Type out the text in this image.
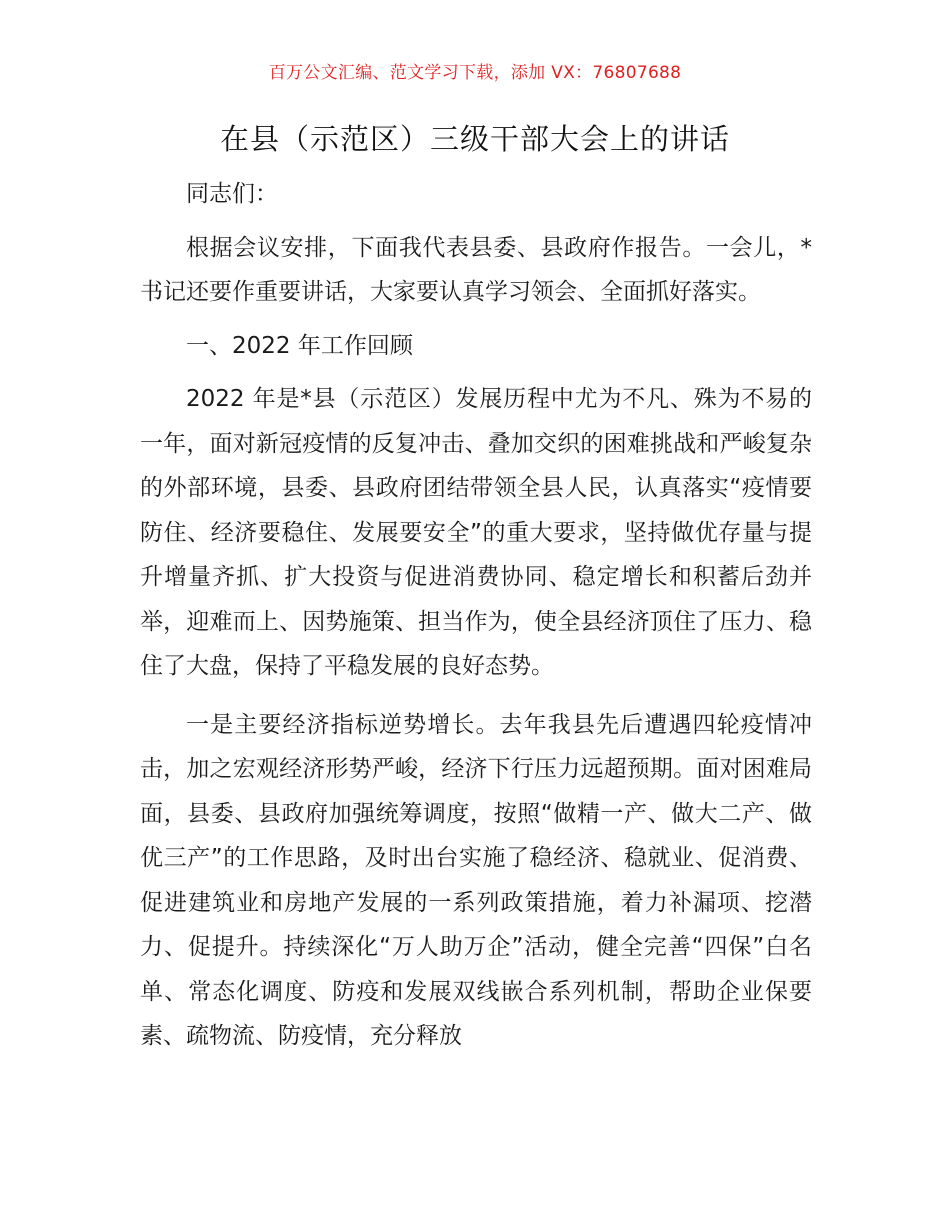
百万公文汇编、范文学习下载，添加 VX：76807688
在县（示范区）三级干部大会上的讲话

同志们：

根据会议安排，下面我代表县委、县政府作报告。一会儿，*书记还要作重要讲话，大家要认真学习领会、全面抓好落实。

一、2022 年工作回顾

2022 年是*县（示范区）发展历程中尤为不凡、殊为不易的一年，面对新冠疫情的反复冲击、叠加交织的困难挑战和严峻复杂的外部环境，县委、县政府团结带领全县人民，认真落实“疫情要防住、经济要稳住、发展要安全”的重大要求，坚持做优存量与提升增量齐抓、扩大投资与促进消费协同、稳定增长和积蓄后劲并举，迎难而上、因势施策、担当作为，使全县经济顶住了压力、稳住了大盘，保持了平稳发展的良好态势。

一是主要经济指标逆势增长。去年我县先后遭遇四轮疫情冲击，加之宏观经济形势严峻，经济下行压力远超预期。面对困难局面，县委、县政府加强统筹调度，按照“做精一产、做大二产、做优三产”的工作思路，及时出台实施了稳经济、稳就业、促消费、促进建筑业和房地产发展的一系列政策措施，着力补漏项、挖潜力、促提升。持续深化“万人助万企”活动，健全完善“四保”白名单、常态化调度、防疫和发展双线嵌合系列机制，帮助企业保要素、疏物流、防疫情，充分释放
